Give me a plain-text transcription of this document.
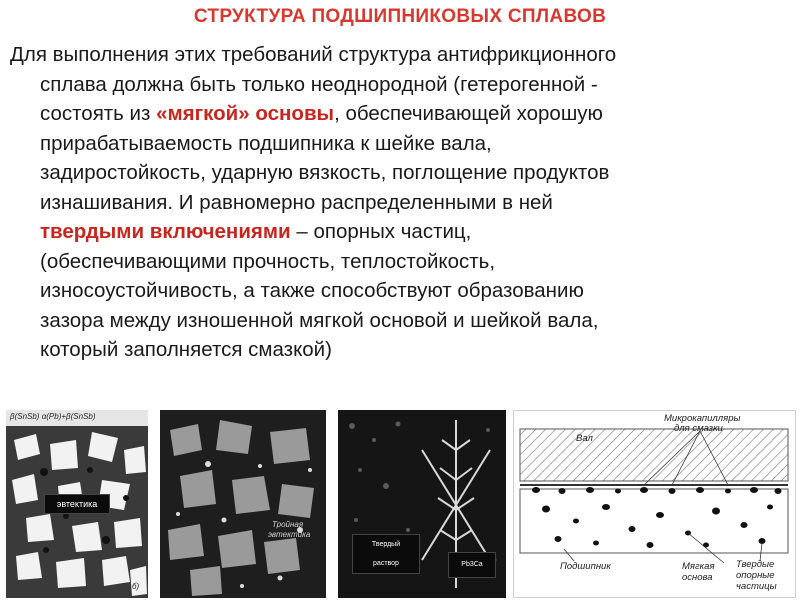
СТРУКТУРА ПОДШИПНИКОВЫХ СПЛАВОВ
Для выполнения этих требований структура антифрикционного
сплава должна быть только неоднородной (гетерогенной -
состоять из «мягкой» основы, обеспечивающей хорошую
прирабатываемость подшипника к шейке вала,
задиростойкость, ударную вязкость, поглощение продуктов
изнашивания. И равномерно распределенными в ней
твердыми включениями – опорных частиц,
(обеспечивающими прочность, теплостойкость,
износоустойчивость, а также способствуют образованию
зазора между изношенной мягкой основой и шейкой вала,
который заполняется смазкой)
β(SnSb) α(Pb)+β(SnSb)
эвтектика
б)
Тройная
эвтектика
Твердый
раствор	Pb3Ca
Вал
Микрокапилляры
для смазки
Подшипник	Мягкая
основа
Твердые
опорные
частицы
